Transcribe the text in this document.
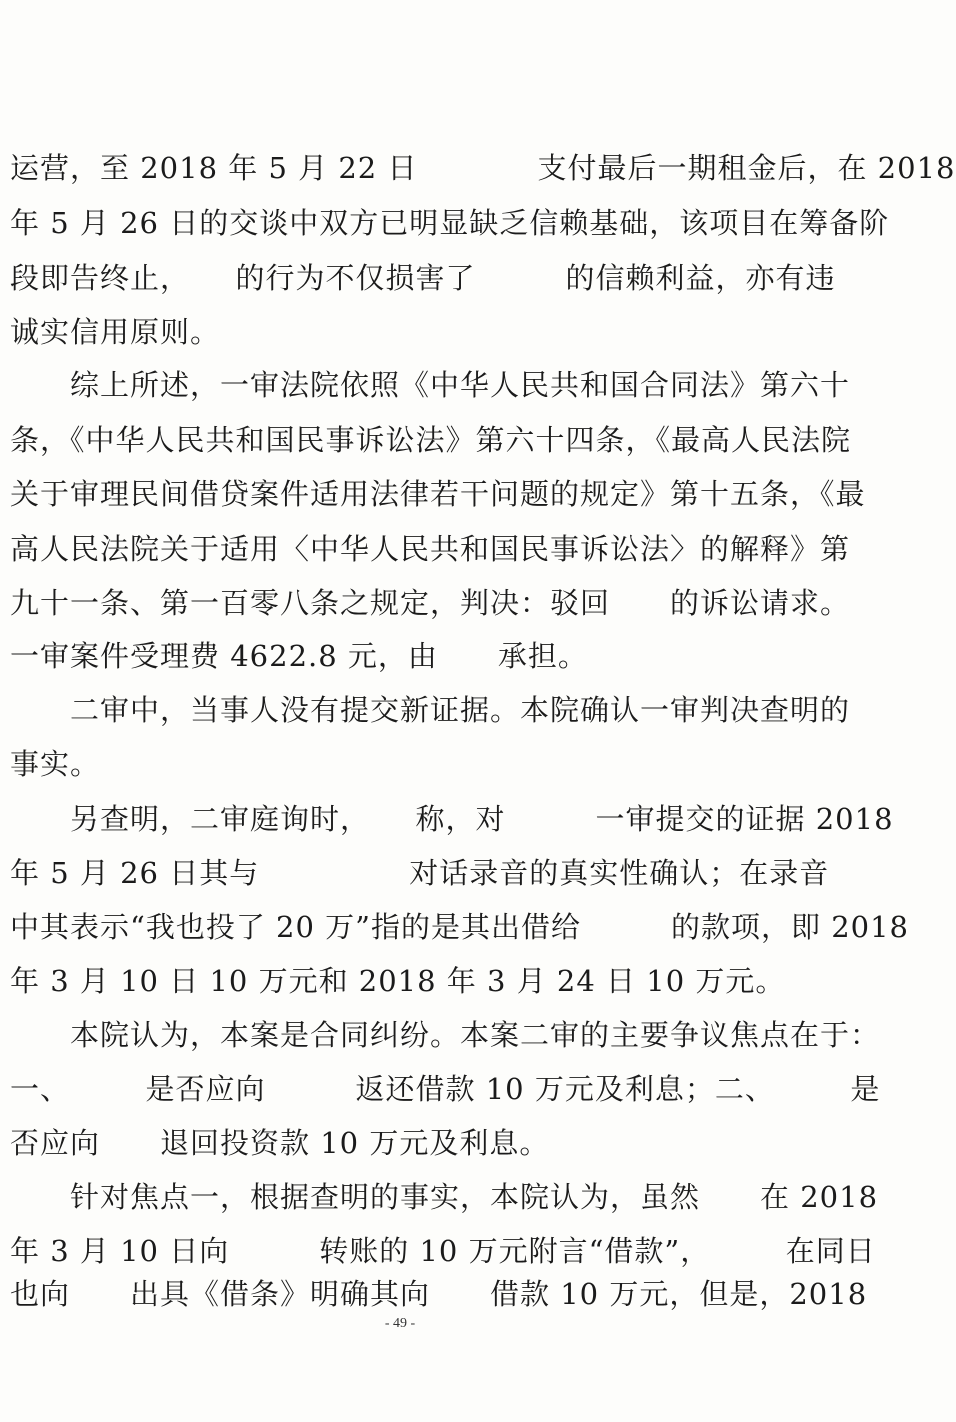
运营，至 2018 年 5 月 22 日　　　　支付最后一期租金后，在 2018
年 5 月 26 日的交谈中双方已明显缺乏信赖基础，该项目在筹备阶
段即告终止，　　的行为不仅损害了　　　的信赖利益，亦有违
诚实信用原则。
综上所述，一审法院依照《中华人民共和国合同法》第六十
条，《中华人民共和国民事诉讼法》第六十四条，《最高人民法院
关于审理民间借贷案件适用法律若干问题的规定》第十五条，《最
高人民法院关于适用〈中华人民共和国民事诉讼法〉的解释》第
九十一条、第一百零八条之规定，判决：驳回　　的诉讼请求。
一审案件受理费 4622.8 元，由　　承担。
二审中，当事人没有提交新证据。本院确认一审判决查明的
事实。
另查明，二审庭询时，　　称，对　　　一审提交的证据 2018
年 5 月 26 日其与　　　　　对话录音的真实性确认；在录音
中其表示“我也投了 20 万”指的是其出借给　　　的款项，即 2018
年 3 月 10 日 10 万元和 2018 年 3 月 24 日 10 万元。
本院认为，本案是合同纠纷。本案二审的主要争议焦点在于：
一、　　　是否应向　　　返还借款 10 万元及利息；二、　　　是
否应向　　退回投资款 10 万元及利息。
针对焦点一，根据查明的事实，本院认为，虽然　　在 2018
年 3 月 10 日向　　　转账的 10 万元附言“借款”，　　　在同日
也向　　出具《借条》明确其向　　借款 10 万元，但是，2018
- 49 -
